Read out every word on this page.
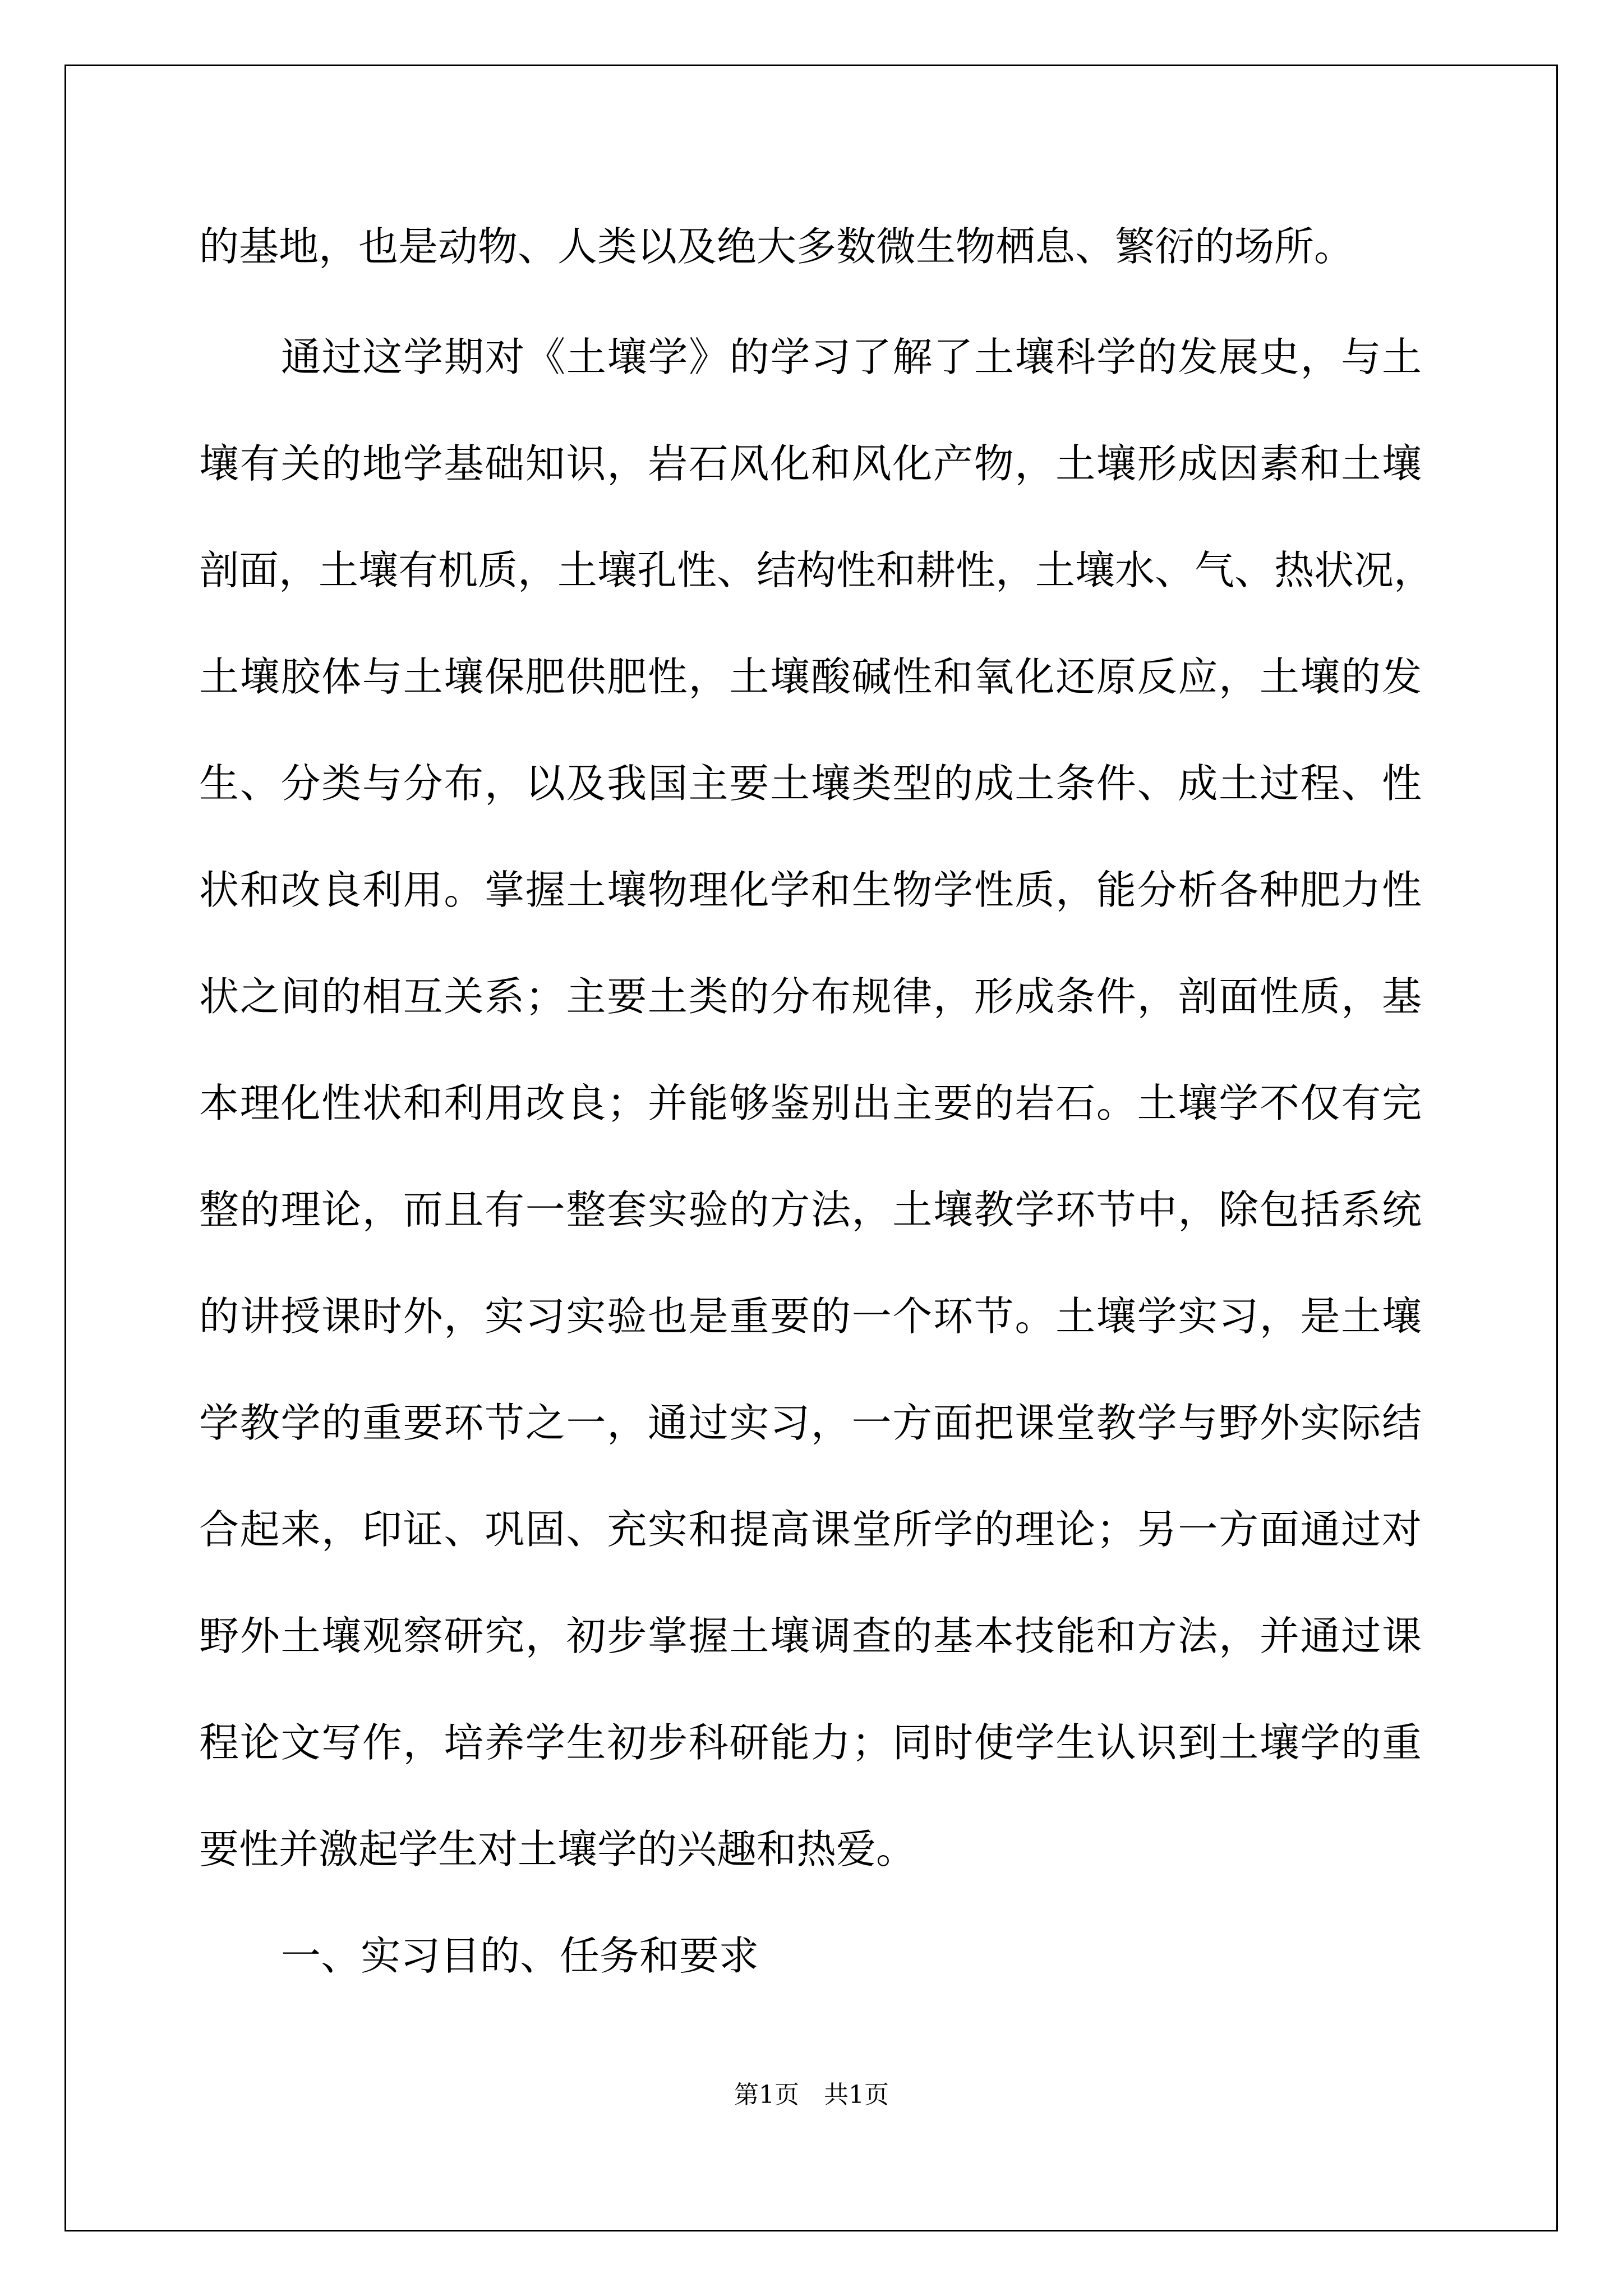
的基地，也是动物、人类以及绝大多数微生物栖息、繁衍的场所。
通过这学期对《土壤学》的学习了解了土壤科学的发展史，与土
壤有关的地学基础知识，岩石风化和风化产物，土壤形成因素和土壤
剖面，土壤有机质，土壤孔性、结构性和耕性，土壤水、气、热状况，
土壤胶体与土壤保肥供肥性，土壤酸碱性和氧化还原反应，土壤的发
生、分类与分布，以及我国主要土壤类型的成土条件、成土过程、性
状和改良利用。掌握土壤物理化学和生物学性质，能分析各种肥力性
状之间的相互关系；主要土类的分布规律，形成条件，剖面性质，基
本理化性状和利用改良；并能够鉴别出主要的岩石。土壤学不仅有完
整的理论，而且有一整套实验的方法，土壤教学环节中，除包括系统
的讲授课时外，实习实验也是重要的一个环节。土壤学实习，是土壤
学教学的重要环节之一，通过实习，一方面把课堂教学与野外实际结
合起来，印证、巩固、充实和提高课堂所学的理论；另一方面通过对
野外土壤观察研究，初步掌握土壤调查的基本技能和方法，并通过课
程论文写作，培养学生初步科研能力；同时使学生认识到土壤学的重
要性并激起学生对土壤学的兴趣和热爱。
一、实习目的、任务和要求
第1页　共1页
